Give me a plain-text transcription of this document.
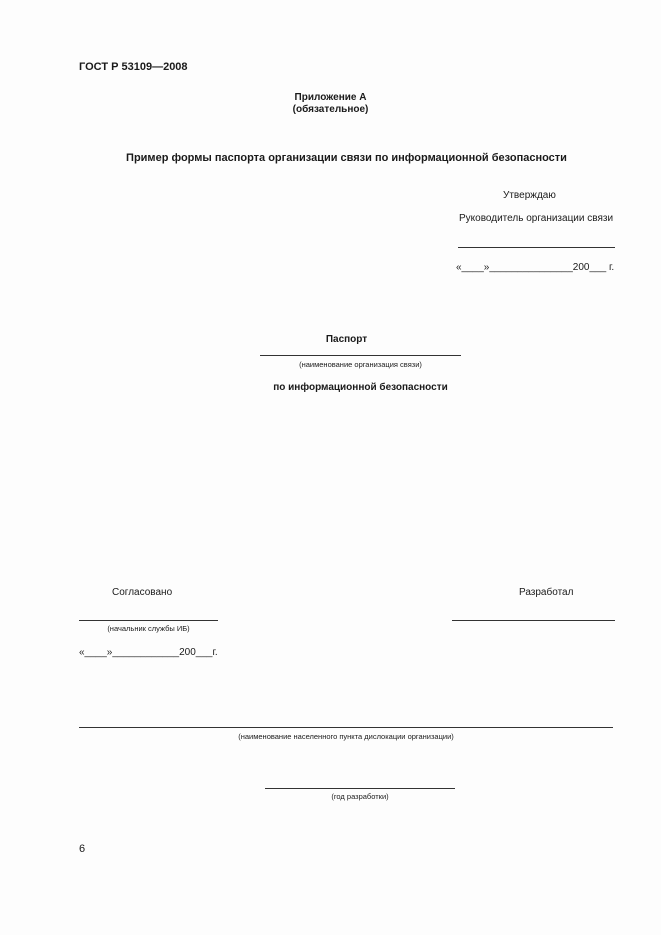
ГОСТ Р 53109—2008
Приложение А
(обязательное)
Пример формы паспорта организации связи по информационной безопасности
Утверждаю
Руководитель организации связи
«____»_______________200___ г.
Паспорт
(наименование организация связи)
по информационной безопасности
Согласовано	Разработал
(начальник службы ИБ)
«____»____________200___г.
(наименование населенного пункта дислокации организации)
(год разработки)
6
